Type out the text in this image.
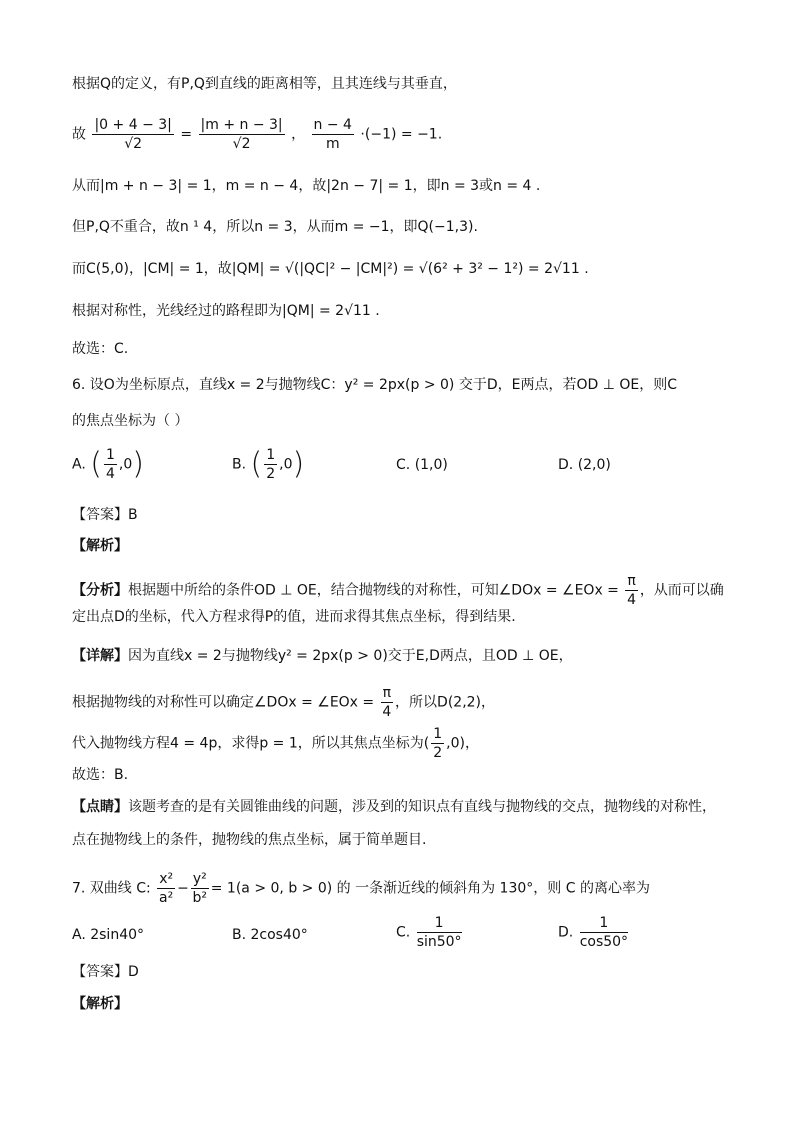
根据Q的定义，有P,Q到直线的距离相等，且其连线与其垂直，
故 $\frac{|0 + 4 - 3|}{√2} = \frac{|m + n - 3|}{√2}$ ， $\frac{n - 4}{m} \cdot(-1) = -1$.
从而|m + n − 3| = 1，m = n − 4，故|2n − 7| = 1，即n = 3或n = 4 .
但P,Q不重合，故n ¹ 4，所以n = 3，从而m = −1，即Q(−1,3).
而C(5,0)，|CM| = 1，故|QM| = √(|QC|² − |CM|²) = √(6² + 3² − 1²) = 2√11 .
根据对称性，光线经过的路程即为|QM| = 2√11 .
故选：C.
6. 设O为坐标原点，直线x = 2与抛物线C：y² = 2px(p > 0) 交于D，E两点，若OD ⊥ OE，则C
的焦点坐标为（ ）
A. ( $\frac{1}{4} ,0$)	B. ( $\frac{1}{2} ,0$)	C. (1,0)	D. (2,0)
【答案】B
【解析】
【分析】根据题中所给的条件OD ⊥ OE，结合抛物线的对称性，可知∠DOx = ∠EOx = $\frac{\pi}{4}$ ，从而可以确
定出点D的坐标，代入方程求得P的值，进而求得其焦点坐标，得到结果.
【详解】因为直线x = 2与抛物线y² = 2px(p > 0)交于E,D两点，且OD ⊥ OE，
根据抛物线的对称性可以确定∠DOx = ∠EOx = $\frac{\pi}{4}$ ，所以D(2,2)，
代入抛物线方程4 = 4p，求得p = 1，所以其焦点坐标为( $\frac{1}{2} ,0$)，
故选：B.
【点睛】该题考查的是有关圆锥曲线的问题，涉及到的知识点有直线与抛物线的交点，抛物线的对称性，
点在抛物线上的条件，抛物线的焦点坐标，属于简单题目.
7. 双曲线 C: $\frac{\text{x²}}{\text{a²}} - \frac{\text{y²}}{\text{b²}} = 1(a > 0$, b > 0) 的 一条渐近线的倾斜角为 130°，则 C 的离心率为
A. 2sin40°	B. 2cos40°	C. $\frac{1}{\sin 50^\circ}$	D. $\frac{1}{\cos 50^\circ}$
【答案】D
【解析】
